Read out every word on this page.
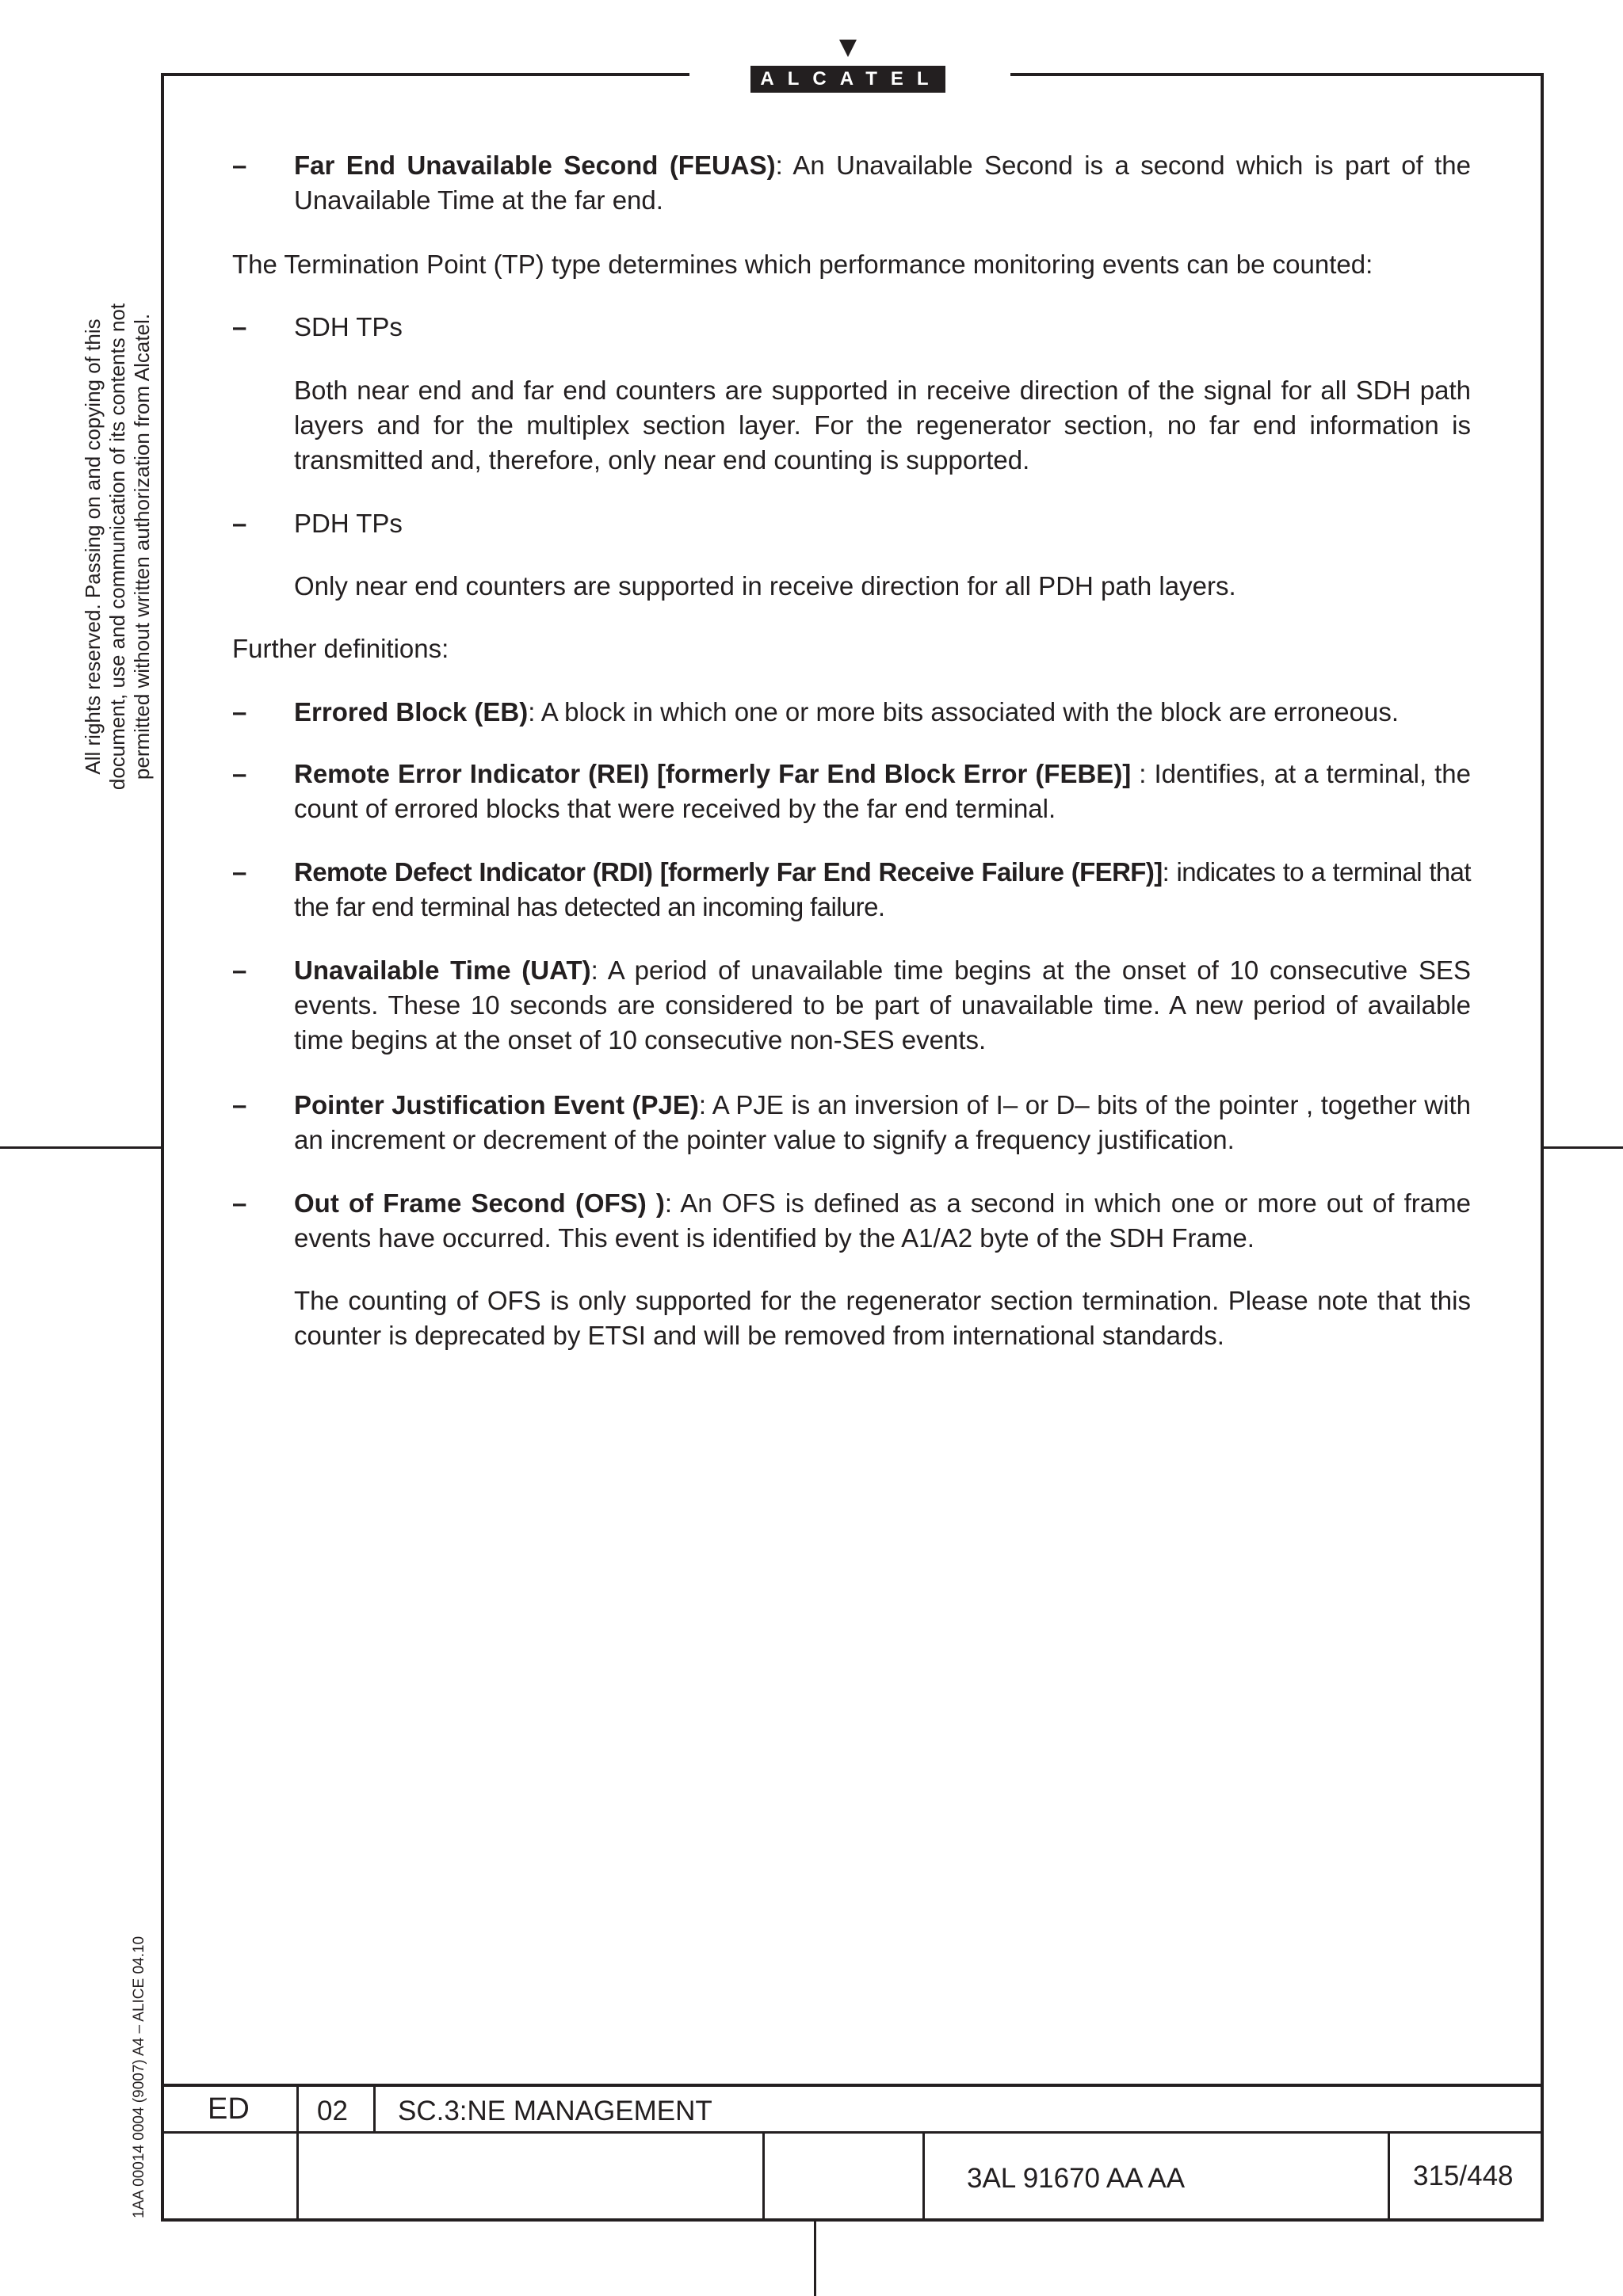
ALCATEL
All rights reserved. Passing on and copying of this document, use and communication of its contents not permitted without written authorization from Alcatel.
1AA 00014 0004 (9007) A4 – ALICE 04.10
– Far End Unavailable Second (FEUAS): An Unavailable Second is a second which is part of the Unavailable Time at the far end.
The Termination Point (TP) type determines which performance monitoring events can be counted:
– SDH TPs
Both near end and far end counters are supported in receive direction of the signal for all SDH path layers and for the multiplex section layer. For the regenerator section, no far end information is transmitted and, therefore, only near end counting is supported.
– PDH TPs
Only near end counters are supported in receive direction for all PDH path layers.
Further definitions:
– Errored Block (EB): A block in which one or more bits associated with the block are erroneous.
– Remote Error Indicator (REI) [formerly Far End Block Error (FEBE)] : Identifies, at a terminal, the count of errored blocks that were received by the far end terminal.
– Remote Defect Indicator (RDI) [formerly Far End Receive Failure (FERF)]: indicates to a terminal that the far end terminal has detected an incoming failure.
– Unavailable Time (UAT): A period of unavailable time begins at the onset of 10 consecutive SES events. These 10 seconds are considered to be part of unavailable time. A new period of available time begins at the onset of 10 consecutive non-SES events.
– Pointer Justification Event (PJE): A PJE is an inversion of I– or D– bits of the pointer , together with an increment or decrement of the pointer value to signify a frequency justification.
– Out of Frame Second (OFS) ): An OFS is defined as a second in which one or more out of frame events have occurred. This event is identified by the A1/A2 byte of the SDH Frame.
The counting of OFS is only supported for the regenerator section termination. Please note that this counter is deprecated by ETSI and will be removed from international standards.
ED 02 SC.3:NE MANAGEMENT
3AL 91670 AA AA	315/448
